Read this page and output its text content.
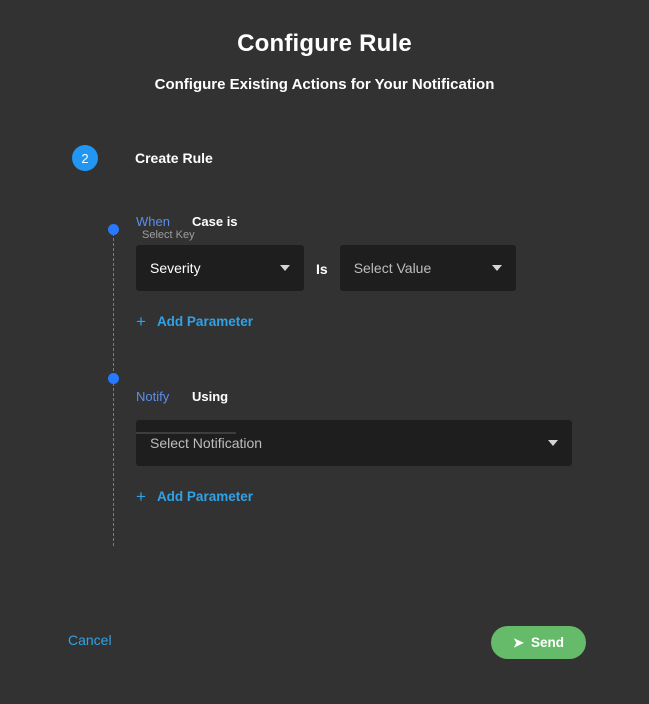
Configure Rule
Configure Existing Actions for Your Notification
2	Create Rule
When	Case is
Select Key
Severity	Is Select Value
+ Add Parameter
Notify	Using
Select Notification
+ Add Parameter
Cancel	➤ Send
